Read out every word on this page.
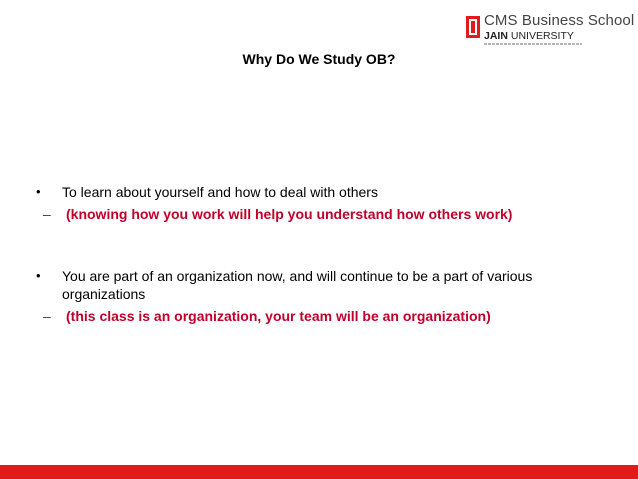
CMS Business School
JAIN UNIVERSITY
Why Do We Study OB?
• To learn about yourself and how to deal with others
– (knowing how you work will help you understand how others work)
• You are part of an organization now, and will continue to be a part of various organizations
– (this class is an organization, your team will be an organization)
